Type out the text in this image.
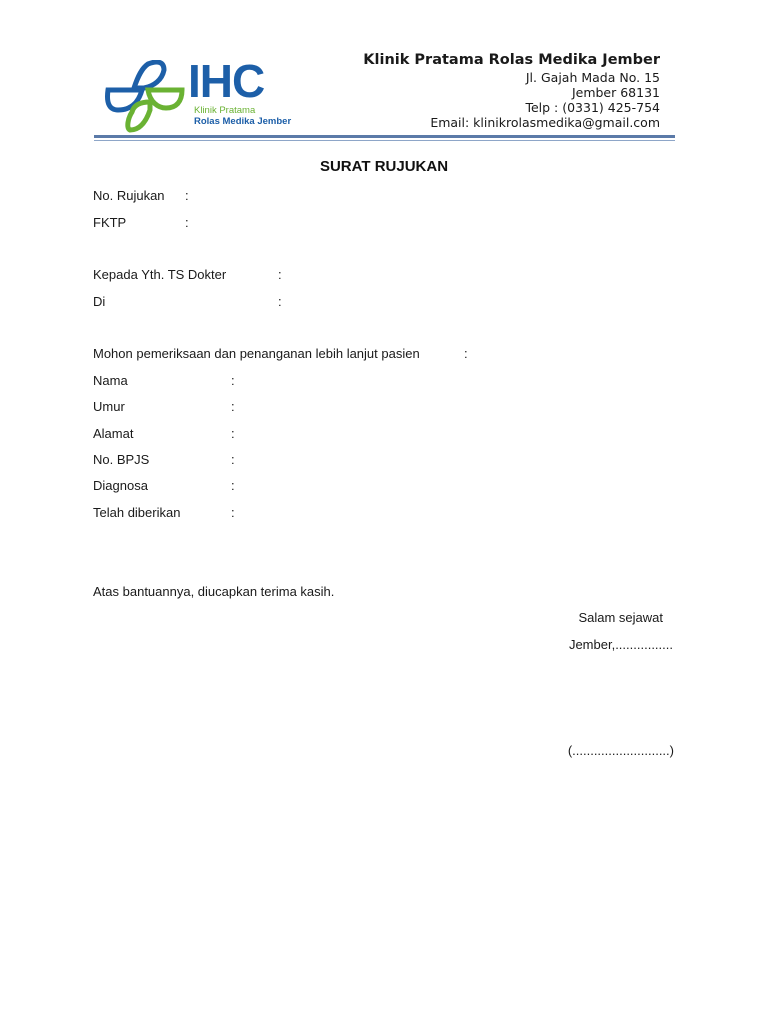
IHC
Klinik Pratama
Rolas Medika Jember
Klinik Pratama Rolas Medika Jember
Jl. Gajah Mada No. 15
Jember 68131
Telp : (0331) 425-754
Email: klinikrolasmedika@gmail.com
SURAT RUJUKAN
No. Rujukan :
FKTP	:
Kepada Yth. TS Dokter	:
Di	:
Mohon pemeriksaan dan penanganan lebih lanjut pasien	:
Nama	:
Umur	:
Alamat	:
No. BPJS	:
Diagnosa	:
Telah diberikan	:
Atas bantuannya, diucapkan terima kasih.
Salam sejawat
Jember,................
(...........................)
